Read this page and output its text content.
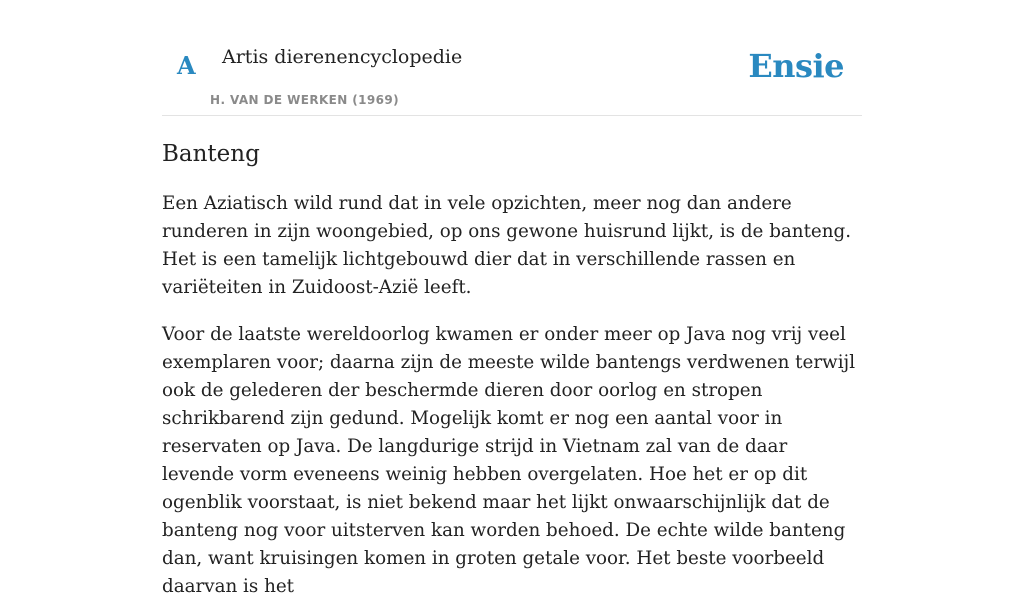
A Artis dierenencyclopedie
H. VAN DE WERKEN (1969)
Ensie
Banteng

Een Aziatisch wild rund dat in vele opzichten, meer nog dan andere runderen in zijn woongebied, op ons gewone huisrund lijkt, is de banteng. Het is een tamelijk lichtgebouwd dier dat in verschillende rassen en variëteiten in Zuidoost-Azië leeft.

Voor de laatste wereldoorlog kwamen er onder meer op Java nog vrij veel exemplaren voor; daarna zijn de meeste wilde bantengs verdwenen terwijl ook de gelederen der beschermde dieren door oorlog en stropen schrikbarend zijn gedund. Mogelijk komt er nog een aantal voor in reservaten op Java. De langdurige strijd in Vietnam zal van de daar levende vorm eveneens weinig hebben overgelaten. Hoe het er op dit ogenblik voorstaat, is niet bekend maar het lijkt onwaarschijnlijk dat de banteng nog voor uitsterven kan worden behoed. De echte wilde banteng dan, want kruisingen komen in groten getale voor. Het beste voorbeeld daarvan is het
